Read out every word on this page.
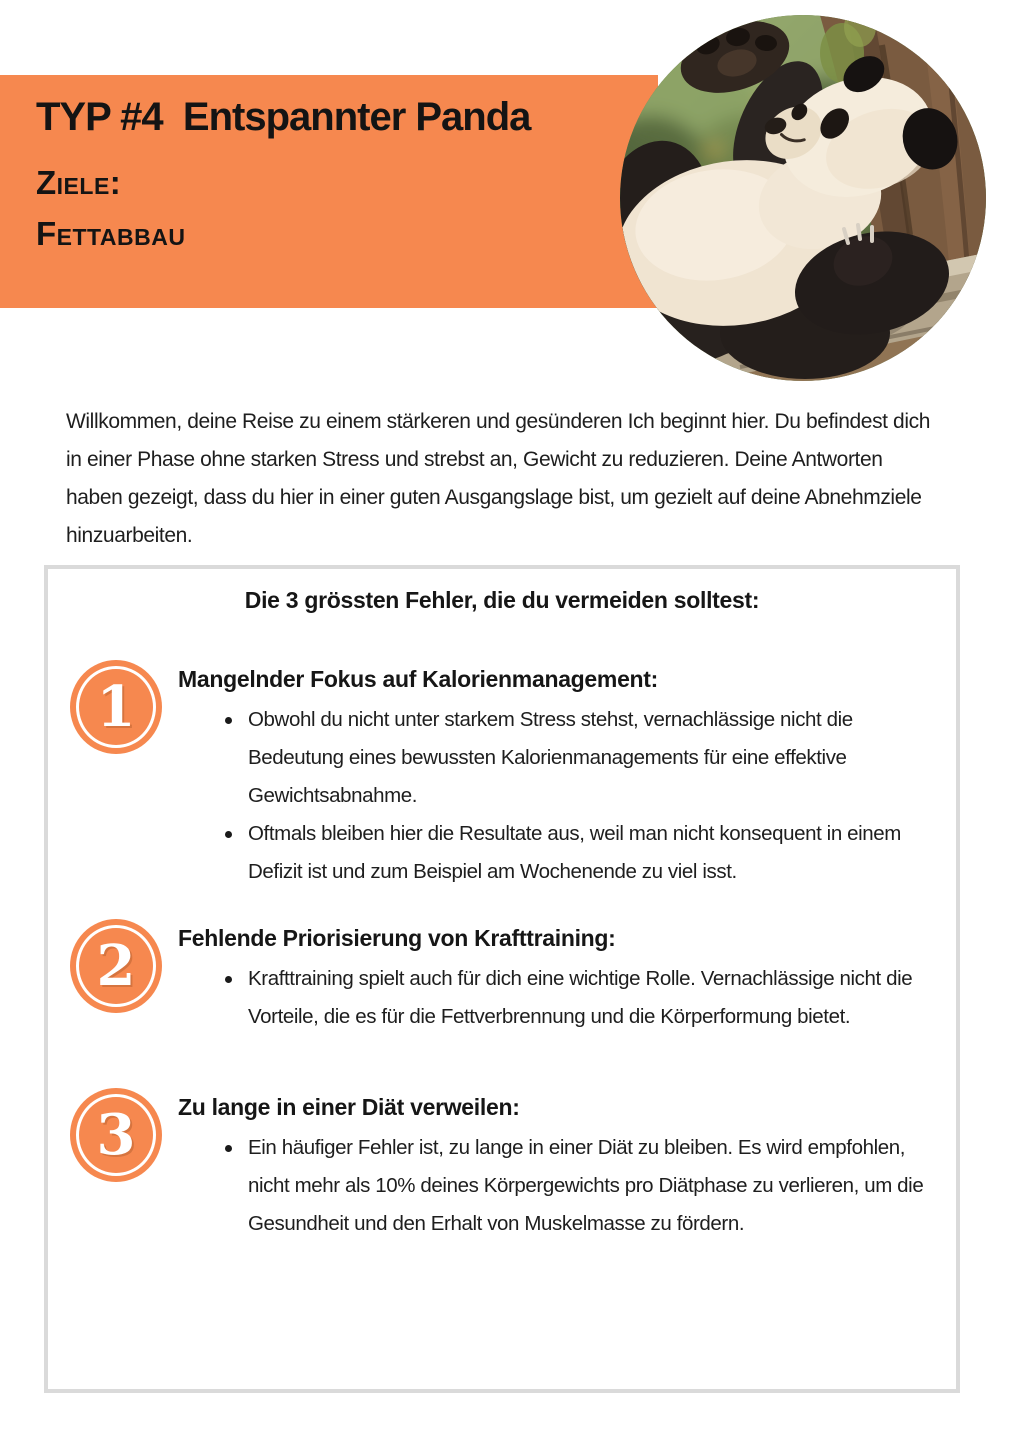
TYP #4  Entspannter Panda
Ziele:
Fettabbau

Willkommen, deine Reise zu einem stärkeren und gesünderen Ich beginnt hier. Du befindest dich in einer Phase ohne starken Stress und strebst an, Gewicht zu reduzieren. Deine Antworten haben gezeigt, dass du hier in einer guten Ausgangslage bist, um gezielt auf deine Abnehmziele hinzuarbeiten.

Die 3 grössten Fehler, die du vermeiden solltest:
1 Mangelnder Fokus auf Kalorienmanagement:
Obwohl du nicht unter starkem Stress stehst, vernachlässige nicht die Bedeutung eines bewussten Kalorienmanagements für eine effektive Gewichtsabnahme.
Oftmals bleiben hier die Resultate aus, weil man nicht konsequent in einem Defizit ist und zum Beispiel am Wochenende zu viel isst.
2 Fehlende Priorisierung von Krafttraining:
Krafttraining spielt auch für dich eine wichtige Rolle. Vernachlässige nicht die Vorteile, die es für die Fettverbrennung und die Körperformung bietet.
3 Zu lange in einer Diät verweilen:
Ein häufiger Fehler ist, zu lange in einer Diät zu bleiben. Es wird empfohlen, nicht mehr als 10% deines Körpergewichts pro Diätphase zu verlieren, um die Gesundheit und den Erhalt von Muskelmasse zu fördern.
